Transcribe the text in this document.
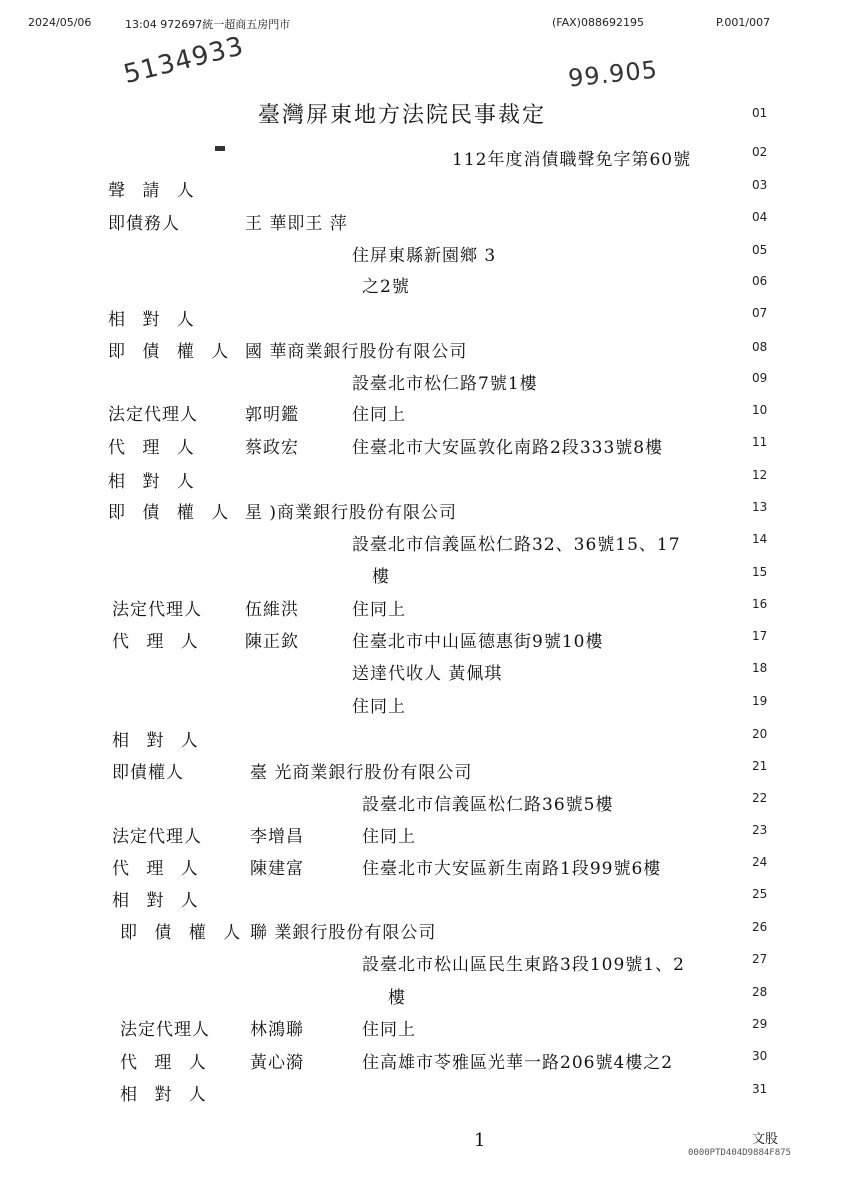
2024/05/06	13:04 972697統一超商五房門市	(FAX)088692195	P.001/007
5134933	99.905
臺灣屏東地方法院民事裁定
112年度消債職聲免字第60號
01
02
03
04
05
06
07
08
09
10
11
12
13
14
15
16
17
18
19
20
21
22
23
24
25
26
27
28
29
30
31
聲 請 人
即債務人	王 華即王 萍
住屏東縣新園鄉 3
之2號
相 對 人
即 債 權 人 國 華商業銀行股份有限公司
設臺北市松仁路7號1樓
法定代理人	郭明鑑	住同上
代 理 人	蔡政宏	住臺北市大安區敦化南路2段333號8樓
相 對 人
即 債 權 人 星 )商業銀行股份有限公司
設臺北市信義區松仁路32、36號15、17
樓
法定代理人	伍維洪	住同上
代 理 人 陳正欽	住臺北市中山區德惠街9號10樓
送達代收人 黃佩琪
住同上
相 對 人
即債權人	臺 光商業銀行股份有限公司
設臺北市信義區松仁路36號5樓
法定代理人	李增昌	住同上
代 理 人	陳建富	住臺北市大安區新生南路1段99號6樓
相 對 人
即 債 權 人 聯 業銀行股份有限公司
設臺北市松山區民生東路3段109號1、2
樓
法定代理人 林鴻聯	住同上
代 理 人 黃心漪	住高雄市苓雅區光華一路206號4樓之2
相 對 人
1	文股
0000PTD404D9884F875
